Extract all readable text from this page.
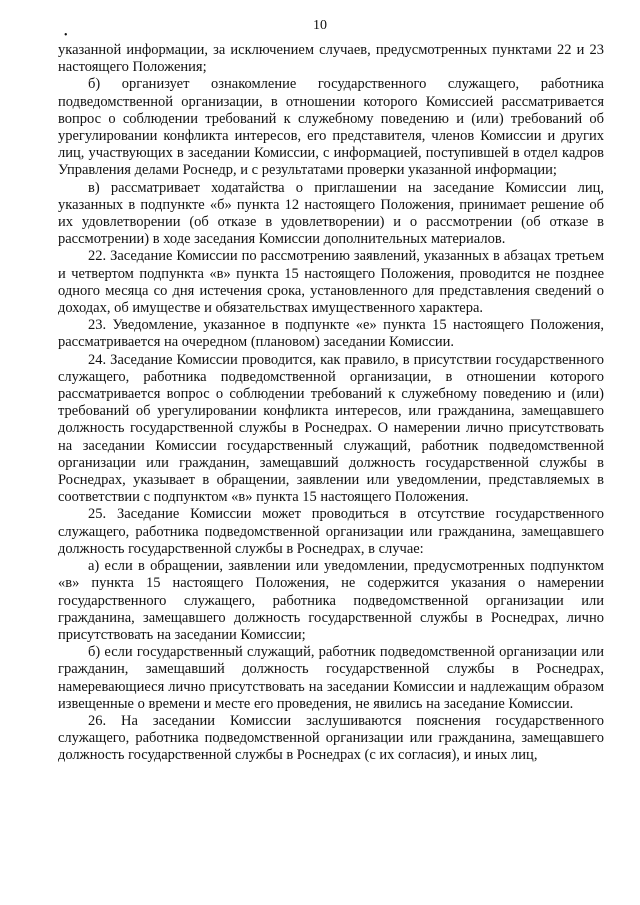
10
•

указанной информации, за исключением случаев, предусмотренных пунктами 22 и 23 настоящего Положения;

б) организует ознакомление государственного служащего, работника подведомственной организации, в отношении которого Комиссией рассматривается вопрос о соблюдении требований к служебному поведению и (или) требований об урегулировании конфликта интересов, его представителя, членов Комиссии и других лиц, участвующих в заседании Комиссии, с информацией, поступившей в отдел кадров Управления делами Роснедр, и с результатами проверки указанной информации;

в) рассматривает ходатайства о приглашении на заседание Комиссии лиц, указанных в подпункте «б» пункта 12 настоящего Положения, принимает решение об их удовлетворении (об отказе в удовлетворении) и о рассмотрении (об отказе в рассмотрении) в ходе заседания Комиссии дополнительных материалов.

22. Заседание Комиссии по рассмотрению заявлений, указанных в абзацах третьем и четвертом подпункта «в» пункта 15 настоящего Положения, проводится не позднее одного месяца со дня истечения срока, установленного для представления сведений о доходах, об имуществе и обязательствах имущественного характера.

23. Уведомление, указанное в подпункте «е» пункта 15 настоящего Положения, рассматривается на очередном (плановом) заседании Комиссии.

24. Заседание Комиссии проводится, как правило, в присутствии государственного служащего, работника подведомственной организации, в отношении которого рассматривается вопрос о соблюдении требований к служебному поведению и (или) требований об урегулировании конфликта интересов, или гражданина, замещавшего должность государственной службы в Роснедрах. О намерении лично присутствовать на заседании Комиссии государственный служащий, работник подведомственной организации или гражданин, замещавший должность государственной службы в Роснедрах, указывает в обращении, заявлении или уведомлении, представляемых в соответствии с подпунктом «в» пункта 15 настоящего Положения.

25. Заседание Комиссии может проводиться в отсутствие государственного служащего, работника подведомственной организации или гражданина, замещавшего должность государственной службы в Роснедрах, в случае:

а) если в обращении, заявлении или уведомлении, предусмотренных подпунктом «в» пункта 15 настоящего Положения, не содержится указания о намерении государственного служащего, работника подведомственной организации или гражданина, замещавшего должность государственной службы в Роснедрах, лично присутствовать на заседании Комиссии;

б) если государственный служащий, работник подведомственной организации или гражданин, замещавший должность государственной службы в Роснедрах, намеревающиеся лично присутствовать на заседании Комиссии и надлежащим образом извещенные о времени и месте его проведения, не явились на заседание Комиссии.

26. На заседании Комиссии заслушиваются пояснения государственного служащего, работника подведомственной организации или гражданина, замещавшего должность государственной службы в Роснедрах (с их согласия), и иных лиц,
